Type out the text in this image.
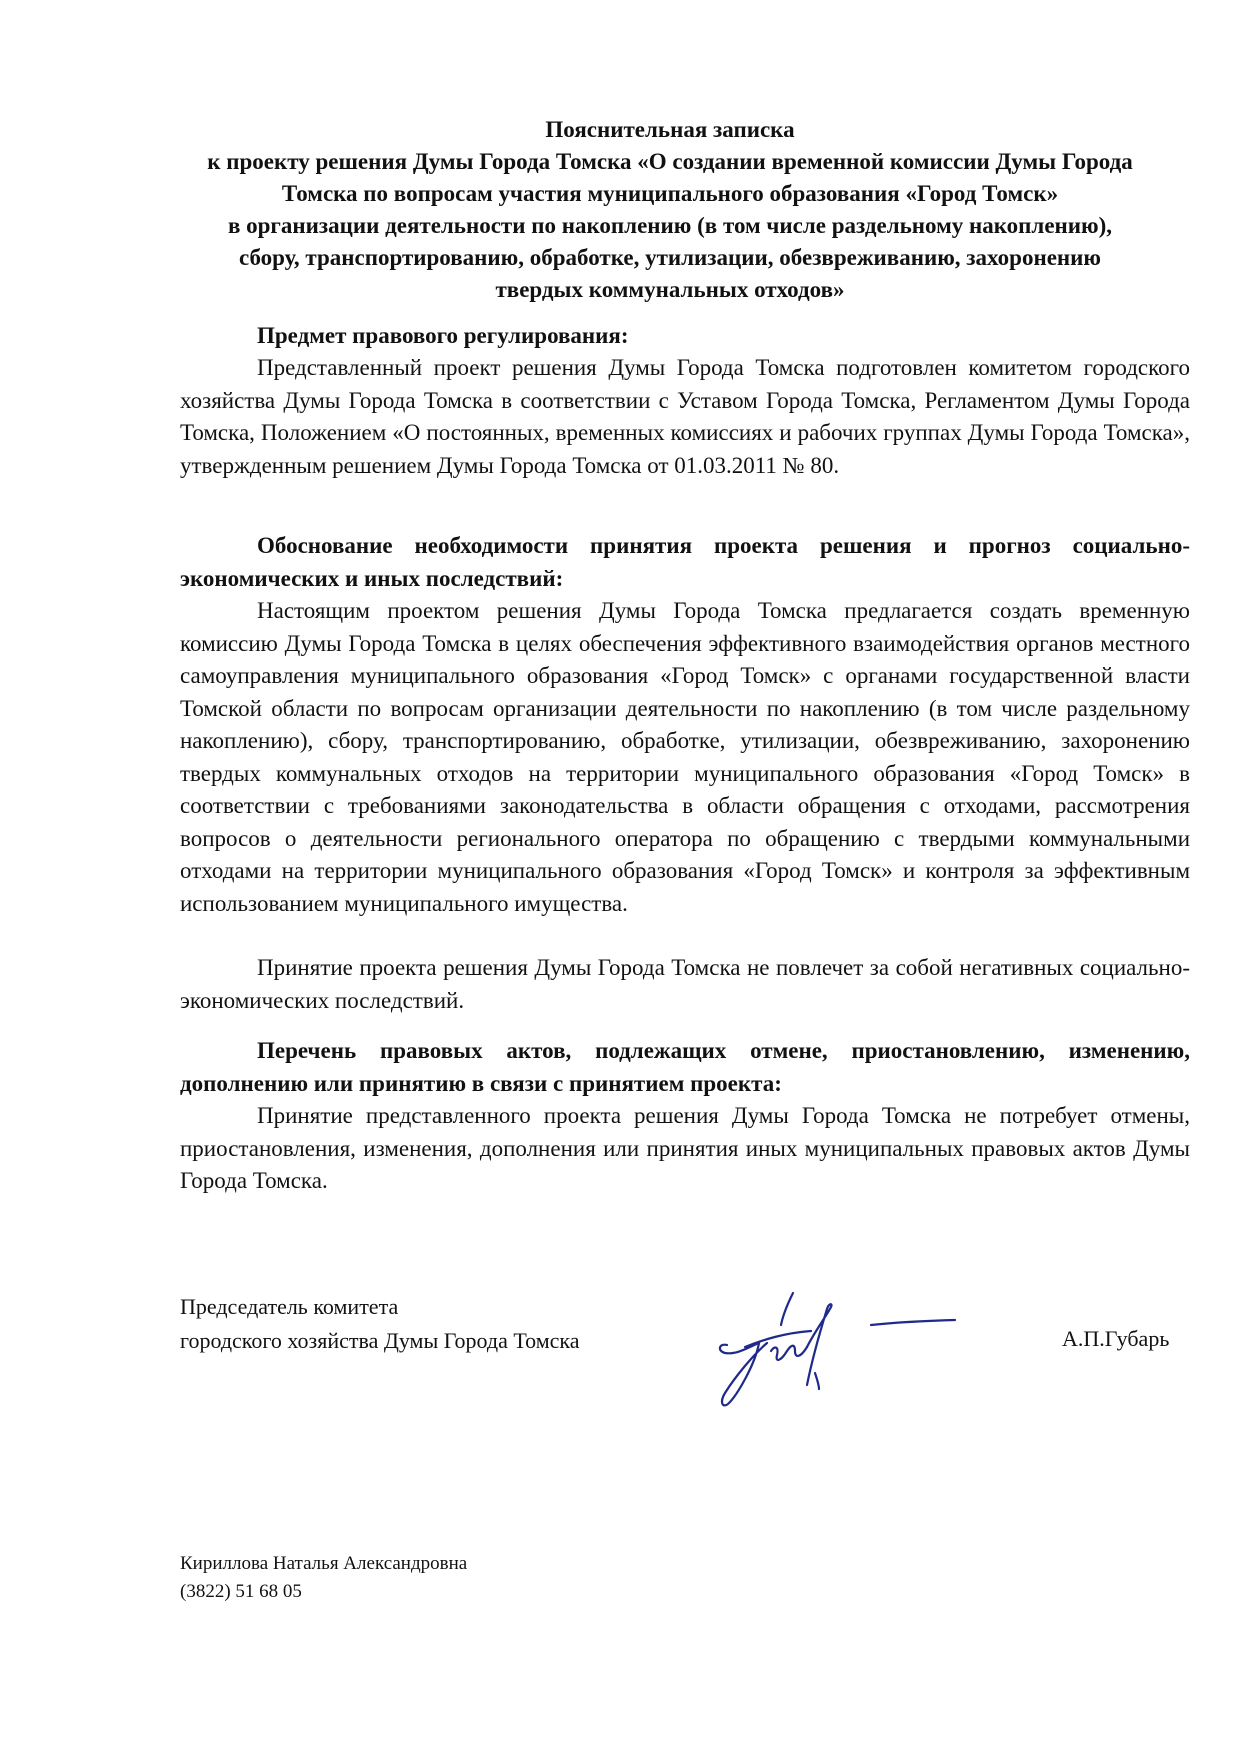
Пояснительная записка
к проекту решения Думы Города Томска «О создании временной комиссии Думы Города
Томска по вопросам участия муниципального образования «Город Томск»
в организации деятельности по накоплению (в том числе раздельному накоплению),
сбору, транспортированию, обработке, утилизации, обезвреживанию, захоронению
твердых коммунальных отходов»
Предмет правового регулирования:
Представленный проект решения Думы Города Томска подготовлен комитетом городского хозяйства Думы Города Томска в соответствии с Уставом Города Томска, Регламентом Думы Города Томска, Положением «О постоянных, временных комиссиях и рабочих группах Думы Города Томска», утвержденным решением Думы Города Томска от 01.03.2011 № 80.
Обоснование необходимости принятия проекта решения и прогноз социально-экономических и иных последствий:
Настоящим проектом решения Думы Города Томска предлагается создать временную комиссию Думы Города Томска в целях обеспечения эффективного взаимодействия органов местного самоуправления муниципального образования «Город Томск» с органами государственной власти Томской области по вопросам организации деятельности по накоплению (в том числе раздельному накоплению), сбору, транспортированию, обработке, утилизации, обезвреживанию, захоронению твердых коммунальных отходов на территории муниципального образования «Город Томск» в соответствии с требованиями законодательства в области обращения с отходами, рассмотрения вопросов о деятельности регионального оператора по обращению с твердыми коммунальными отходами на территории муниципального образования «Город Томск» и контроля за эффективным использованием муниципального имущества.
Принятие проекта решения Думы Города Томска не повлечет за собой негативных социально-экономических последствий.
Перечень правовых актов, подлежащих отмене, приостановлению, изменению, дополнению или принятию в связи с принятием проекта:
Принятие представленного проекта решения Думы Города Томска не потребует отмены, приостановления, изменения, дополнения или принятия иных муниципальных правовых актов Думы Города Томска.
Председатель комитета
городского хозяйства Думы Города Томска	А.П.Губарь
Кириллова Наталья Александровна
(3822) 51 68 05
